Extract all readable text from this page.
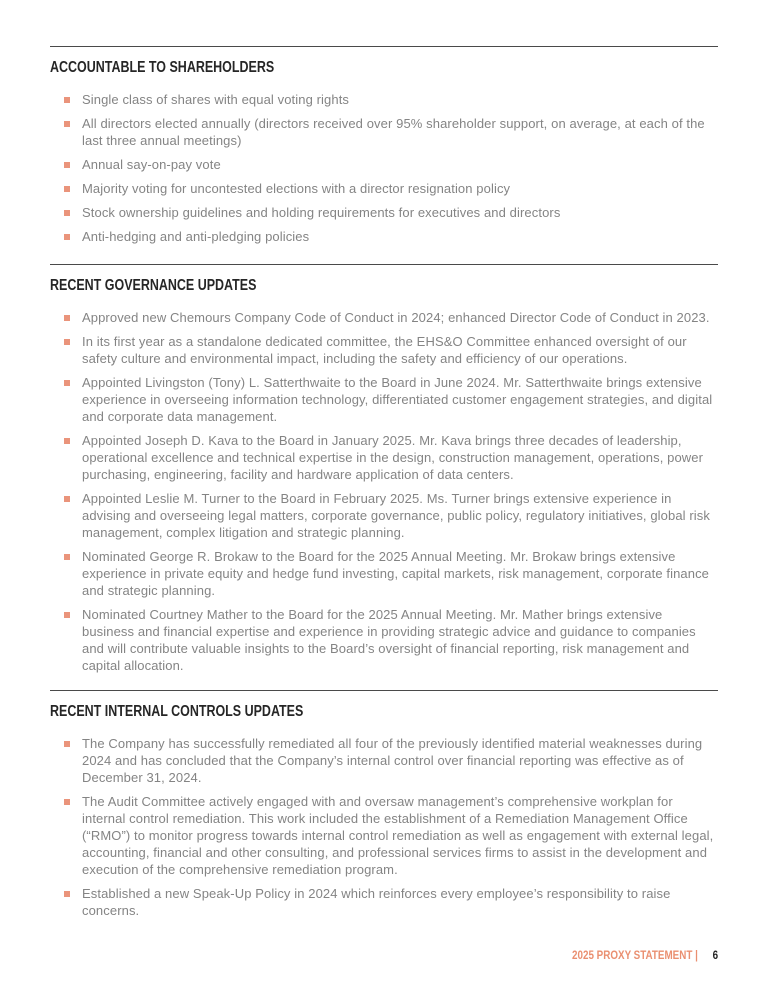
ACCOUNTABLE TO SHAREHOLDERS
Single class of shares with equal voting rights
All directors elected annually (directors received over 95% shareholder support, on average, at each of the last three annual meetings)
Annual say-on-pay vote
Majority voting for uncontested elections with a director resignation policy
Stock ownership guidelines and holding requirements for executives and directors
Anti-hedging and anti-pledging policies
RECENT GOVERNANCE UPDATES
Approved new Chemours Company Code of Conduct in 2024; enhanced Director Code of Conduct in 2023.
In its first year as a standalone dedicated committee, the EHS&O Committee enhanced oversight of our safety culture and environmental impact, including the safety and efficiency of our operations.
Appointed Livingston (Tony) L. Satterthwaite to the Board in June 2024. Mr. Satterthwaite brings extensive experience in overseeing information technology, differentiated customer engagement strategies, and digital and corporate data management.
Appointed Joseph D. Kava to the Board in January 2025. Mr. Kava brings three decades of leadership, operational excellence and technical expertise in the design, construction management, operations, power purchasing, engineering, facility and hardware application of data centers.
Appointed Leslie M. Turner to the Board in February 2025. Ms. Turner brings extensive experience in advising and overseeing legal matters, corporate governance, public policy, regulatory initiatives, global risk management, complex litigation and strategic planning.
Nominated George R. Brokaw to the Board for the 2025 Annual Meeting. Mr. Brokaw brings extensive experience in private equity and hedge fund investing, capital markets, risk management, corporate finance and strategic planning.
Nominated Courtney Mather to the Board for the 2025 Annual Meeting. Mr. Mather brings extensive business and financial expertise and experience in providing strategic advice and guidance to companies and will contribute valuable insights to the Board’s oversight of financial reporting, risk management and capital allocation.
RECENT INTERNAL CONTROLS UPDATES
The Company has successfully remediated all four of the previously identified material weaknesses during 2024 and has concluded that the Company’s internal control over financial reporting was effective as of December 31, 2024.
The Audit Committee actively engaged with and oversaw management’s comprehensive workplan for internal control remediation. This work included the establishment of a Remediation Management Office (“RMO”) to monitor progress towards internal control remediation as well as engagement with external legal, accounting, financial and other consulting, and professional services firms to assist in the development and execution of the comprehensive remediation program.
Established a new Speak-Up Policy in 2024 which reinforces every employee’s responsibility to raise concerns.
2025 PROXY STATEMENT | 6
